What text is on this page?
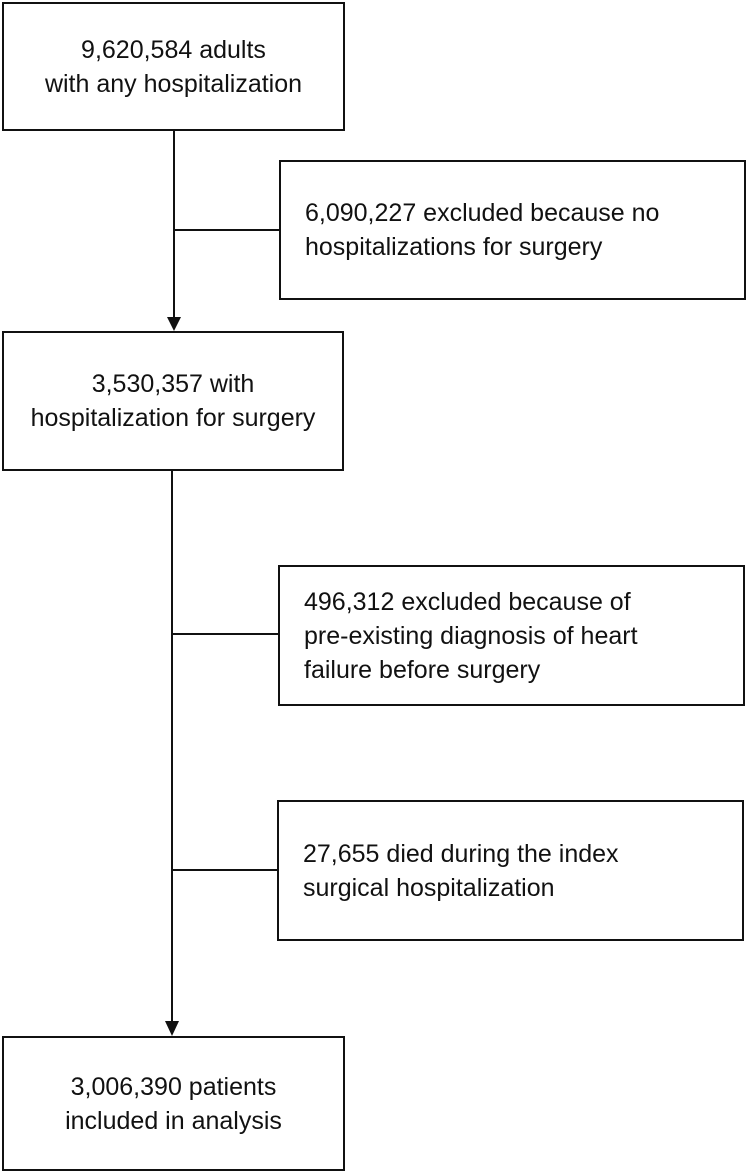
9,620,584 adults
with any hospitalization
6,090,227 excluded because no
hospitalizations for surgery
3,530,357 with
hospitalization for surgery
496,312 excluded because of
pre-existing diagnosis of heart
failure before surgery
27,655 died during the index
surgical hospitalization
3,006,390 patients
included in analysis
